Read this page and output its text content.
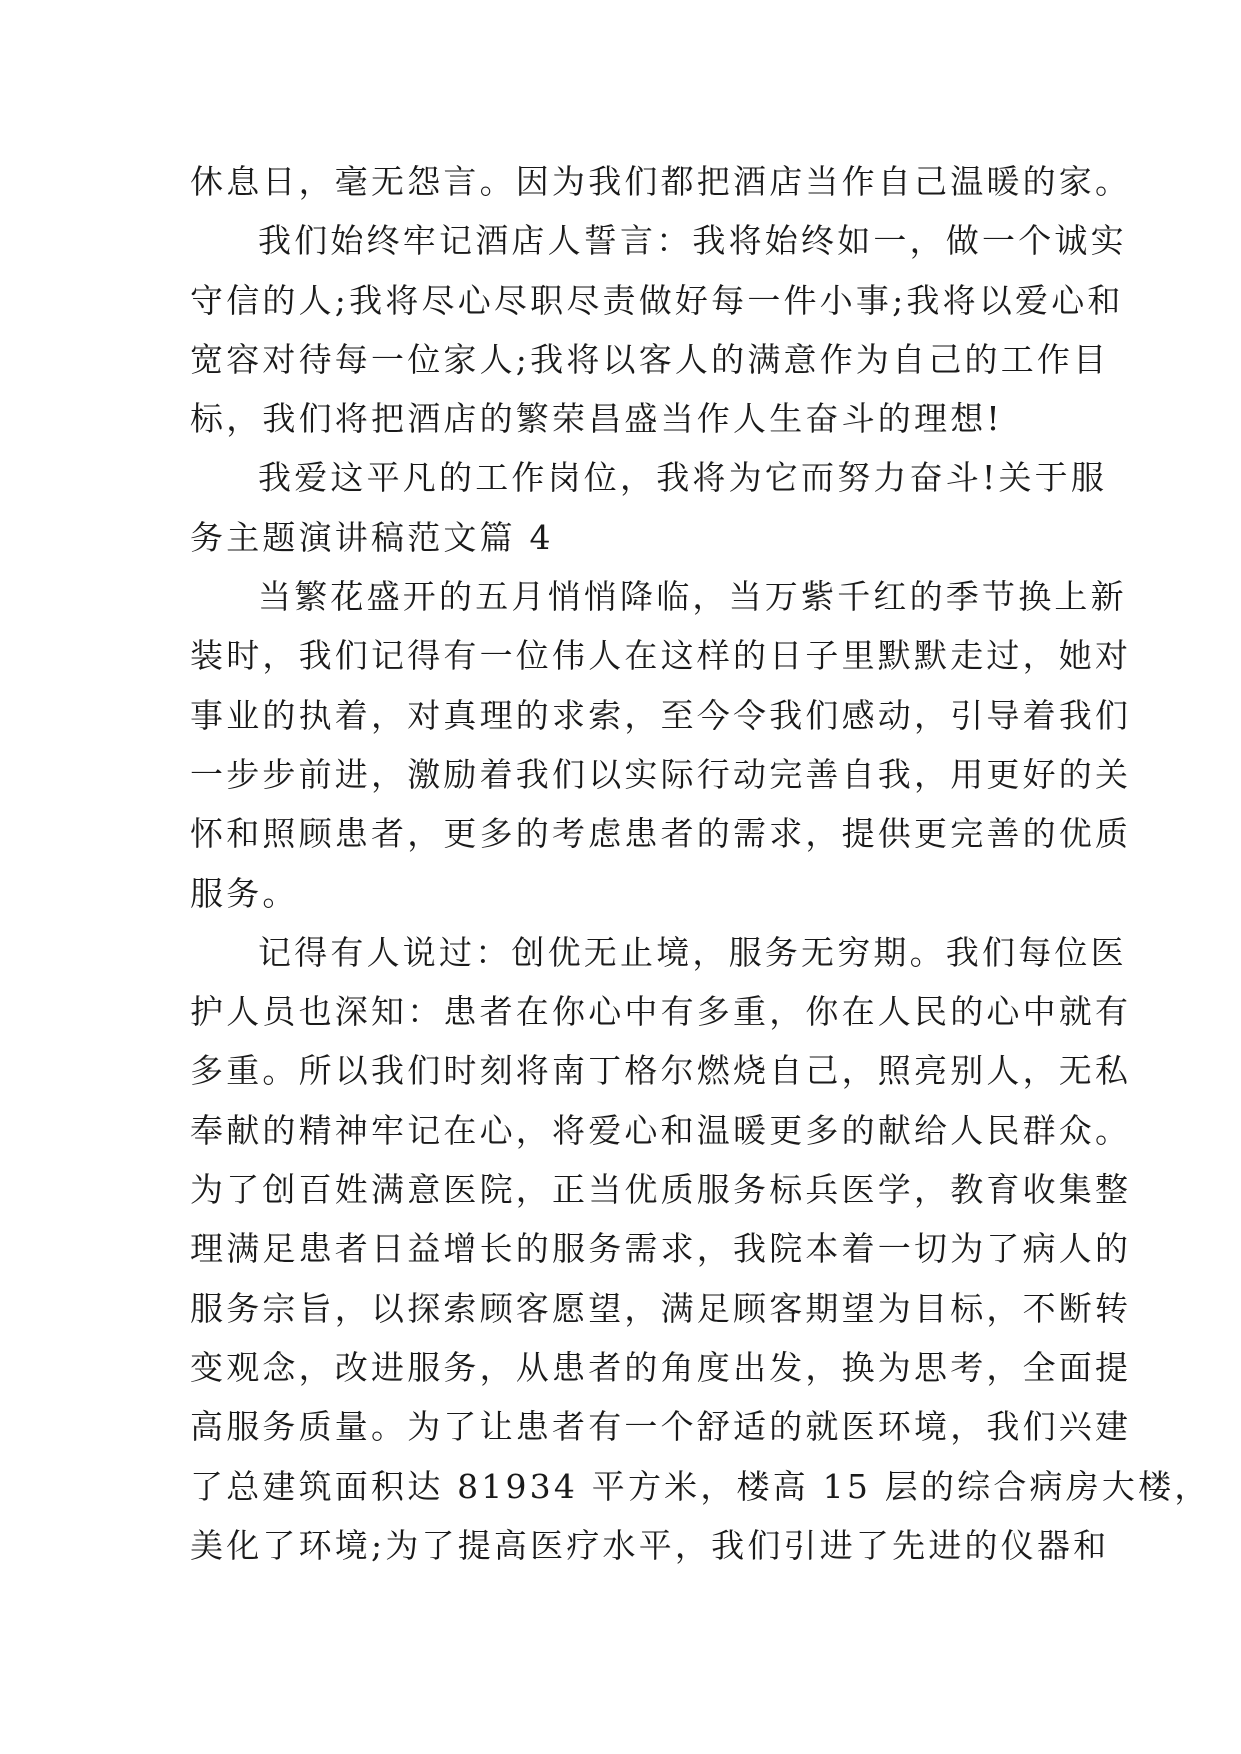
休息日，毫无怨言。因为我们都把酒店当作自己温暖的家。
我们始终牢记酒店人誓言：我将始终如一，做一个诚实
守信的人;我将尽心尽职尽责做好每一件小事;我将以爱心和
宽容对待每一位家人;我将以客人的满意作为自己的工作目
标，我们将把酒店的繁荣昌盛当作人生奋斗的理想!
我爱这平凡的工作岗位，我将为它而努力奋斗!关于服
务主题演讲稿范文篇 4
当繁花盛开的五月悄悄降临，当万紫千红的季节换上新
装时，我们记得有一位伟人在这样的日子里默默走过，她对
事业的执着，对真理的求索，至今令我们感动，引导着我们
一步步前进，激励着我们以实际行动完善自我，用更好的关
怀和照顾患者，更多的考虑患者的需求，提供更完善的优质
服务。
记得有人说过：创优无止境，服务无穷期。我们每位医
护人员也深知：患者在你心中有多重，你在人民的心中就有
多重。所以我们时刻将南丁格尔燃烧自己，照亮别人，无私
奉献的精神牢记在心，将爱心和温暖更多的献给人民群众。
为了创百姓满意医院，正当优质服务标兵医学，教育收集整
理满足患者日益增长的服务需求，我院本着一切为了病人的
服务宗旨，以探索顾客愿望，满足顾客期望为目标，不断转
变观念，改进服务，从患者的角度出发，换为思考，全面提
高服务质量。为了让患者有一个舒适的就医环境，我们兴建
了总建筑面积达 81934 平方米，楼高 15 层的综合病房大楼，
美化了环境;为了提高医疗水平，我们引进了先进的仪器和
